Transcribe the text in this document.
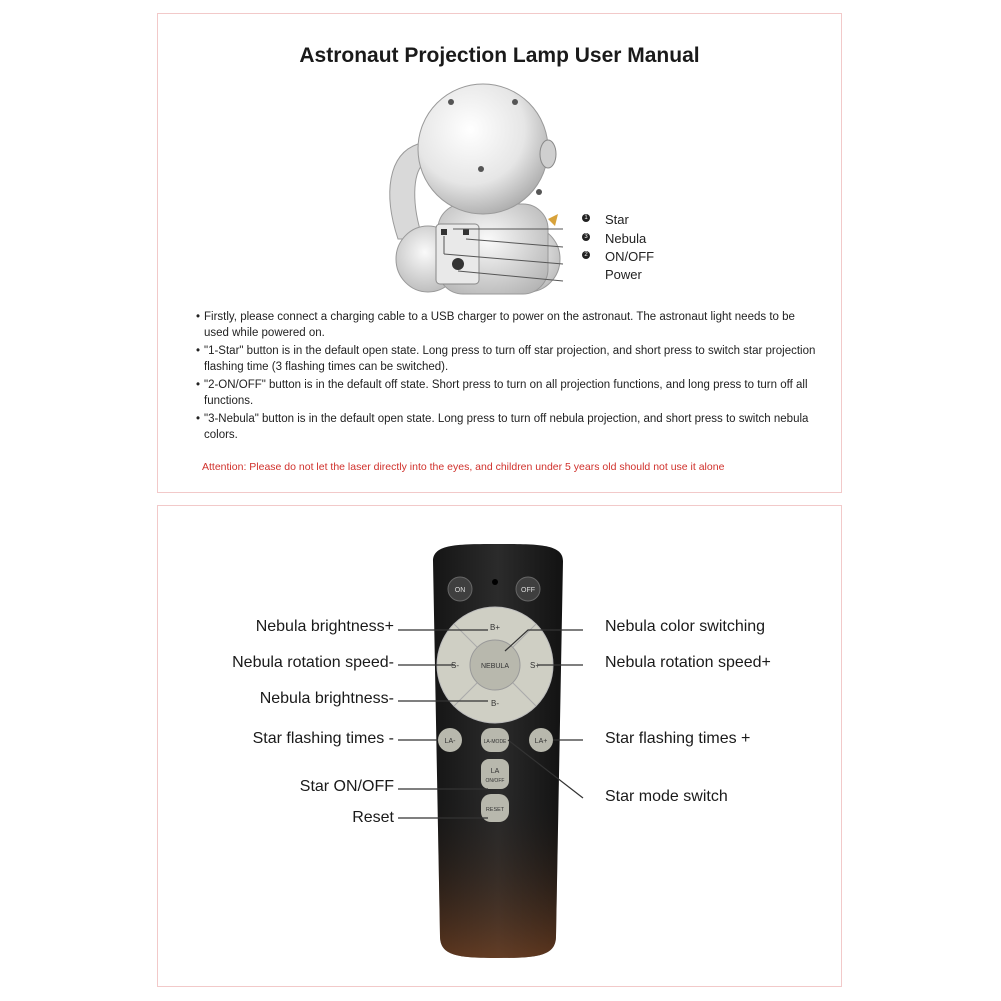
Astronaut Projection Lamp User Manual
1 Star
3 Nebula
2 ON/OFF
Power
• Firstly, please connect a charging cable to a USB charger to power on the astronaut. The astronaut light needs to be used while powered on.
• "1-Star" button is in the default open state. Long press to turn off star projection, and short press to switch star projection flashing time (3 flashing times can be switched).
• "2-ON/OFF" button is in the default off state. Short press to turn on all projection functions, and long press to turn off all functions.
• "3-Nebula" button is in the default open state. Long press to turn off nebula projection, and short press to switch nebula colors.
Attention: Please do not let the laser directly into the eyes, and children under 5 years old should not use it alone
ON	OFF
NEBULA
B+
B-
S-	S+
LA-	LA-MODE	LA+
LA
ON/OFF
RESET
Nebula brightness+
Nebula rotation speed-
Nebula brightness-
Star flashing times -
Star ON/OFF
Reset
Nebula color switching
Nebula rotation speed+
Star flashing times +
Star mode switch
